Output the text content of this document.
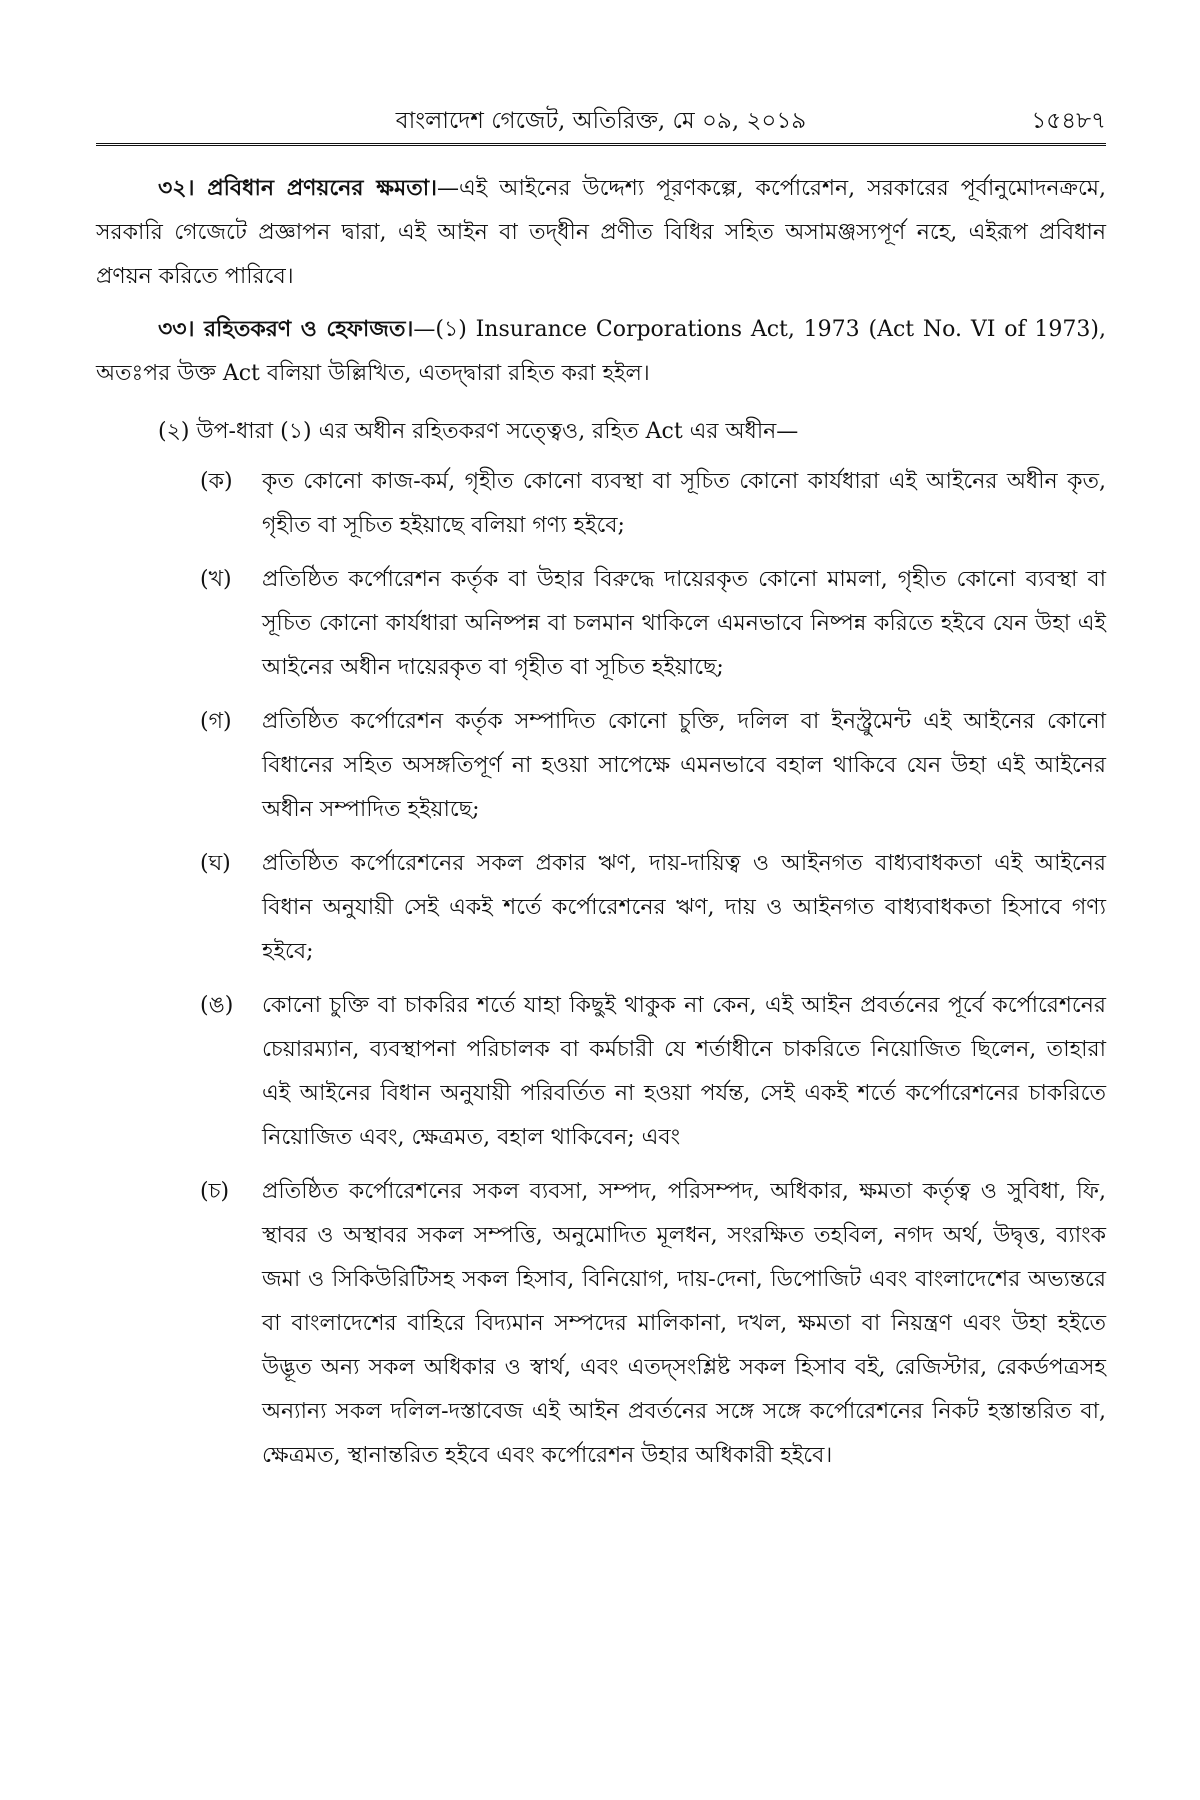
বাংলাদেশ গেজেট, অতিরিক্ত, মে ০৯, ২০১৯	১৫৪৮৭

৩২। প্রবিধান প্রণয়নের ক্ষমতা।—এই আইনের উদ্দেশ্য পূরণকল্পে, কর্পোরেশন, সরকারের পূর্বানুমোদনক্রমে, সরকারি গেজেটে প্রজ্ঞাপন দ্বারা, এই আইন বা তদ্‌ধীন প্রণীত বিধির সহিত অসামঞ্জস্যপূর্ণ নহে, এইরূপ প্রবিধান প্রণয়ন করিতে পারিবে।

৩৩। রহিতকরণ ও হেফাজত।—(১) Insurance Corporations Act, 1973 (Act No. VI of 1973), অতঃপর উক্ত Act বলিয়া উল্লিখিত, এতদ্দ্বারা রহিত করা হইল।

(২) উপ-ধারা (১) এর অধীন রহিতকরণ সত্ত্বেও, রহিত Act এর অধীন—

(ক)	কৃত কোনো কাজ-কর্ম, গৃহীত কোনো ব্যবস্থা বা সূচিত কোনো কার্যধারা এই আইনের অধীন কৃত, গৃহীত বা সূচিত হইয়াছে বলিয়া গণ্য হইবে;
(খ)	প্রতিষ্ঠিত কর্পোরেশন কর্তৃক বা উহার বিরুদ্ধে দায়েরকৃত কোনো মামলা, গৃহীত কোনো ব্যবস্থা বা সূচিত কোনো কার্যধারা অনিষ্পন্ন বা চলমান থাকিলে এমনভাবে নিষ্পন্ন করিতে হইবে যেন উহা এই আইনের অধীন দায়েরকৃত বা গৃহীত বা সূচিত হইয়াছে;
(গ)	প্রতিষ্ঠিত কর্পোরেশন কর্তৃক সম্পাদিত কোনো চুক্তি, দলিল বা ইনস্ট্রুমেন্ট এই আইনের কোনো বিধানের সহিত অসঙ্গতিপূর্ণ না হওয়া সাপেক্ষে এমনভাবে বহাল থাকিবে যেন উহা এই আইনের অধীন সম্পাদিত হইয়াছে;
(ঘ)	প্রতিষ্ঠিত কর্পোরেশনের সকল প্রকার ঋণ, দায়-দায়িত্ব ও আইনগত বাধ্যবাধকতা এই আইনের বিধান অনুযায়ী সেই একই শর্তে কর্পোরেশনের ঋণ, দায় ও আইনগত বাধ্যবাধকতা হিসাবে গণ্য হইবে;
(ঙ)	কোনো চুক্তি বা চাকরির শর্তে যাহা কিছুই থাকুক না কেন, এই আইন প্রবর্তনের পূর্বে কর্পোরেশনের চেয়ারম্যান, ব্যবস্থাপনা পরিচালক বা কর্মচারী যে শর্তাধীনে চাকরিতে নিয়োজিত ছিলেন, তাহারা এই আইনের বিধান অনুযায়ী পরিবর্তিত না হওয়া পর্যন্ত, সেই একই শর্তে কর্পোরেশনের চাকরিতে নিয়োজিত এবং, ক্ষেত্রমত, বহাল থাকিবেন; এবং
(চ)	প্রতিষ্ঠিত কর্পোরেশনের সকল ব্যবসা, সম্পদ, পরিসম্পদ, অধিকার, ক্ষমতা কর্তৃত্ব ও সুবিধা, ফি, স্থাবর ও অস্থাবর সকল সম্পত্তি, অনুমোদিত মূলধন, সংরক্ষিত তহবিল, নগদ অর্থ, উদ্বৃত্ত, ব্যাংক জমা ও সিকিউরিটিসহ সকল হিসাব, বিনিয়োগ, দায়-দেনা, ডিপোজিট এবং বাংলাদেশের অভ্যন্তরে বা বাংলাদেশের বাহিরে বিদ্যমান সম্পদের মালিকানা, দখল, ক্ষমতা বা নিয়ন্ত্রণ এবং উহা হইতে উদ্ভূত অন্য সকল অধিকার ও স্বার্থ, এবং এতদ্‌সংশ্লিষ্ট সকল হিসাব বই, রেজিস্টার, রেকর্ডপত্রসহ অন্যান্য সকল দলিল-দস্তাবেজ এই আইন প্রবর্তনের সঙ্গে সঙ্গে কর্পোরেশনের নিকট হস্তান্তরিত বা, ক্ষেত্রমত, স্থানান্তরিত হইবে এবং কর্পোরেশন উহার অধিকারী হইবে।
